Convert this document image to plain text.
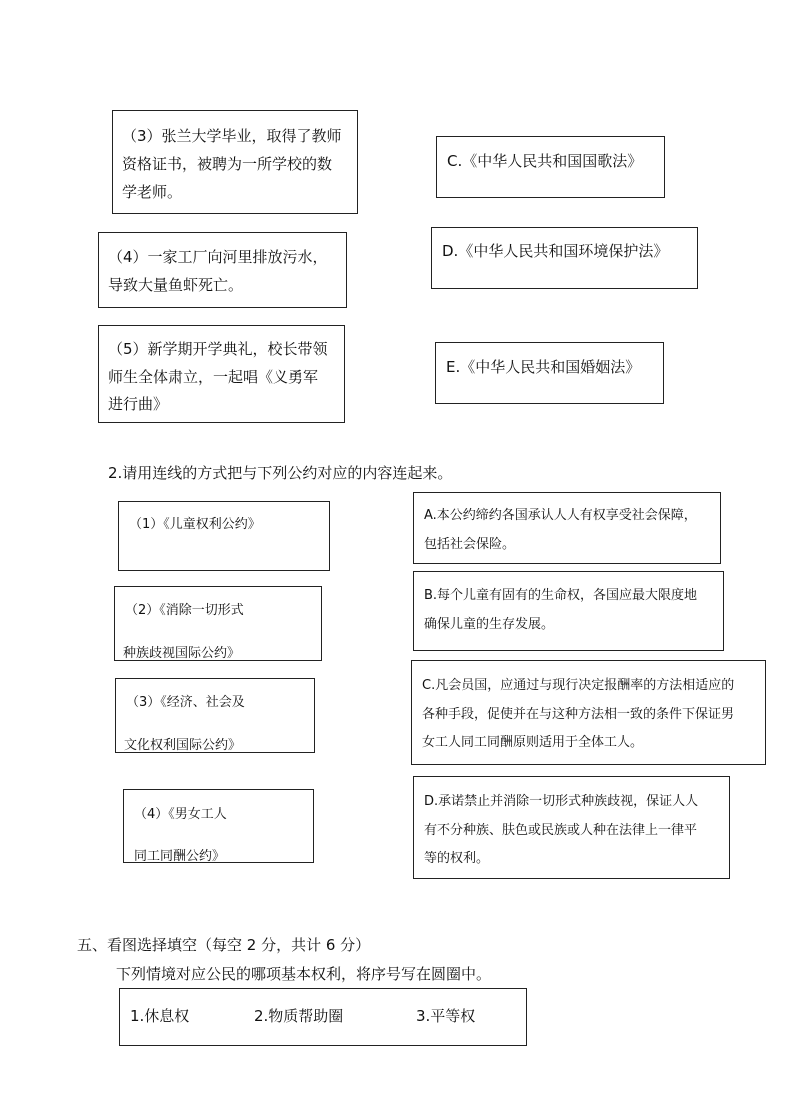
（3）张兰大学毕业，取得了教师
资格证书，被聘为一所学校的数
学老师。
（4）一家工厂向河里排放污水，
导致大量鱼虾死亡。
（5）新学期开学典礼，校长带领
师生全体肃立，一起唱《义勇军
进行曲》
C.《中华人民共和国国歌法》
D.《中华人民共和国环境保护法》
E.《中华人民共和国婚姻法》
2.请用连线的方式把与下列公约对应的内容连起来。
（1）《儿童权利公约》
（2）《消除一切形式
种族歧视国际公约》
（3）《经济、社会及
文化权利国际公约》
（4）《男女工人
同工同酬公约》
A.本公约缔约各国承认人人有权享受社会保障，
包括社会保险。
B.每个儿童有固有的生命权，各国应最大限度地
确保儿童的生存发展。
C.凡会员国，应通过与现行决定报酬率的方法相适应的
各种手段，促使并在与这种方法相一致的条件下保证男
女工人同工同酬原则适用于全体工人。
D.承诺禁止并消除一切形式种族歧视，保证人人
有不分种族、肤色或民族或人种在法律上一律平
等的权利。
五、看图选择填空（每空 2 分，共计 6 分）
下列情境对应公民的哪项基本权利，将序号写在圆圈中。
1.休息权	2.物质帮助圈	3.平等权
